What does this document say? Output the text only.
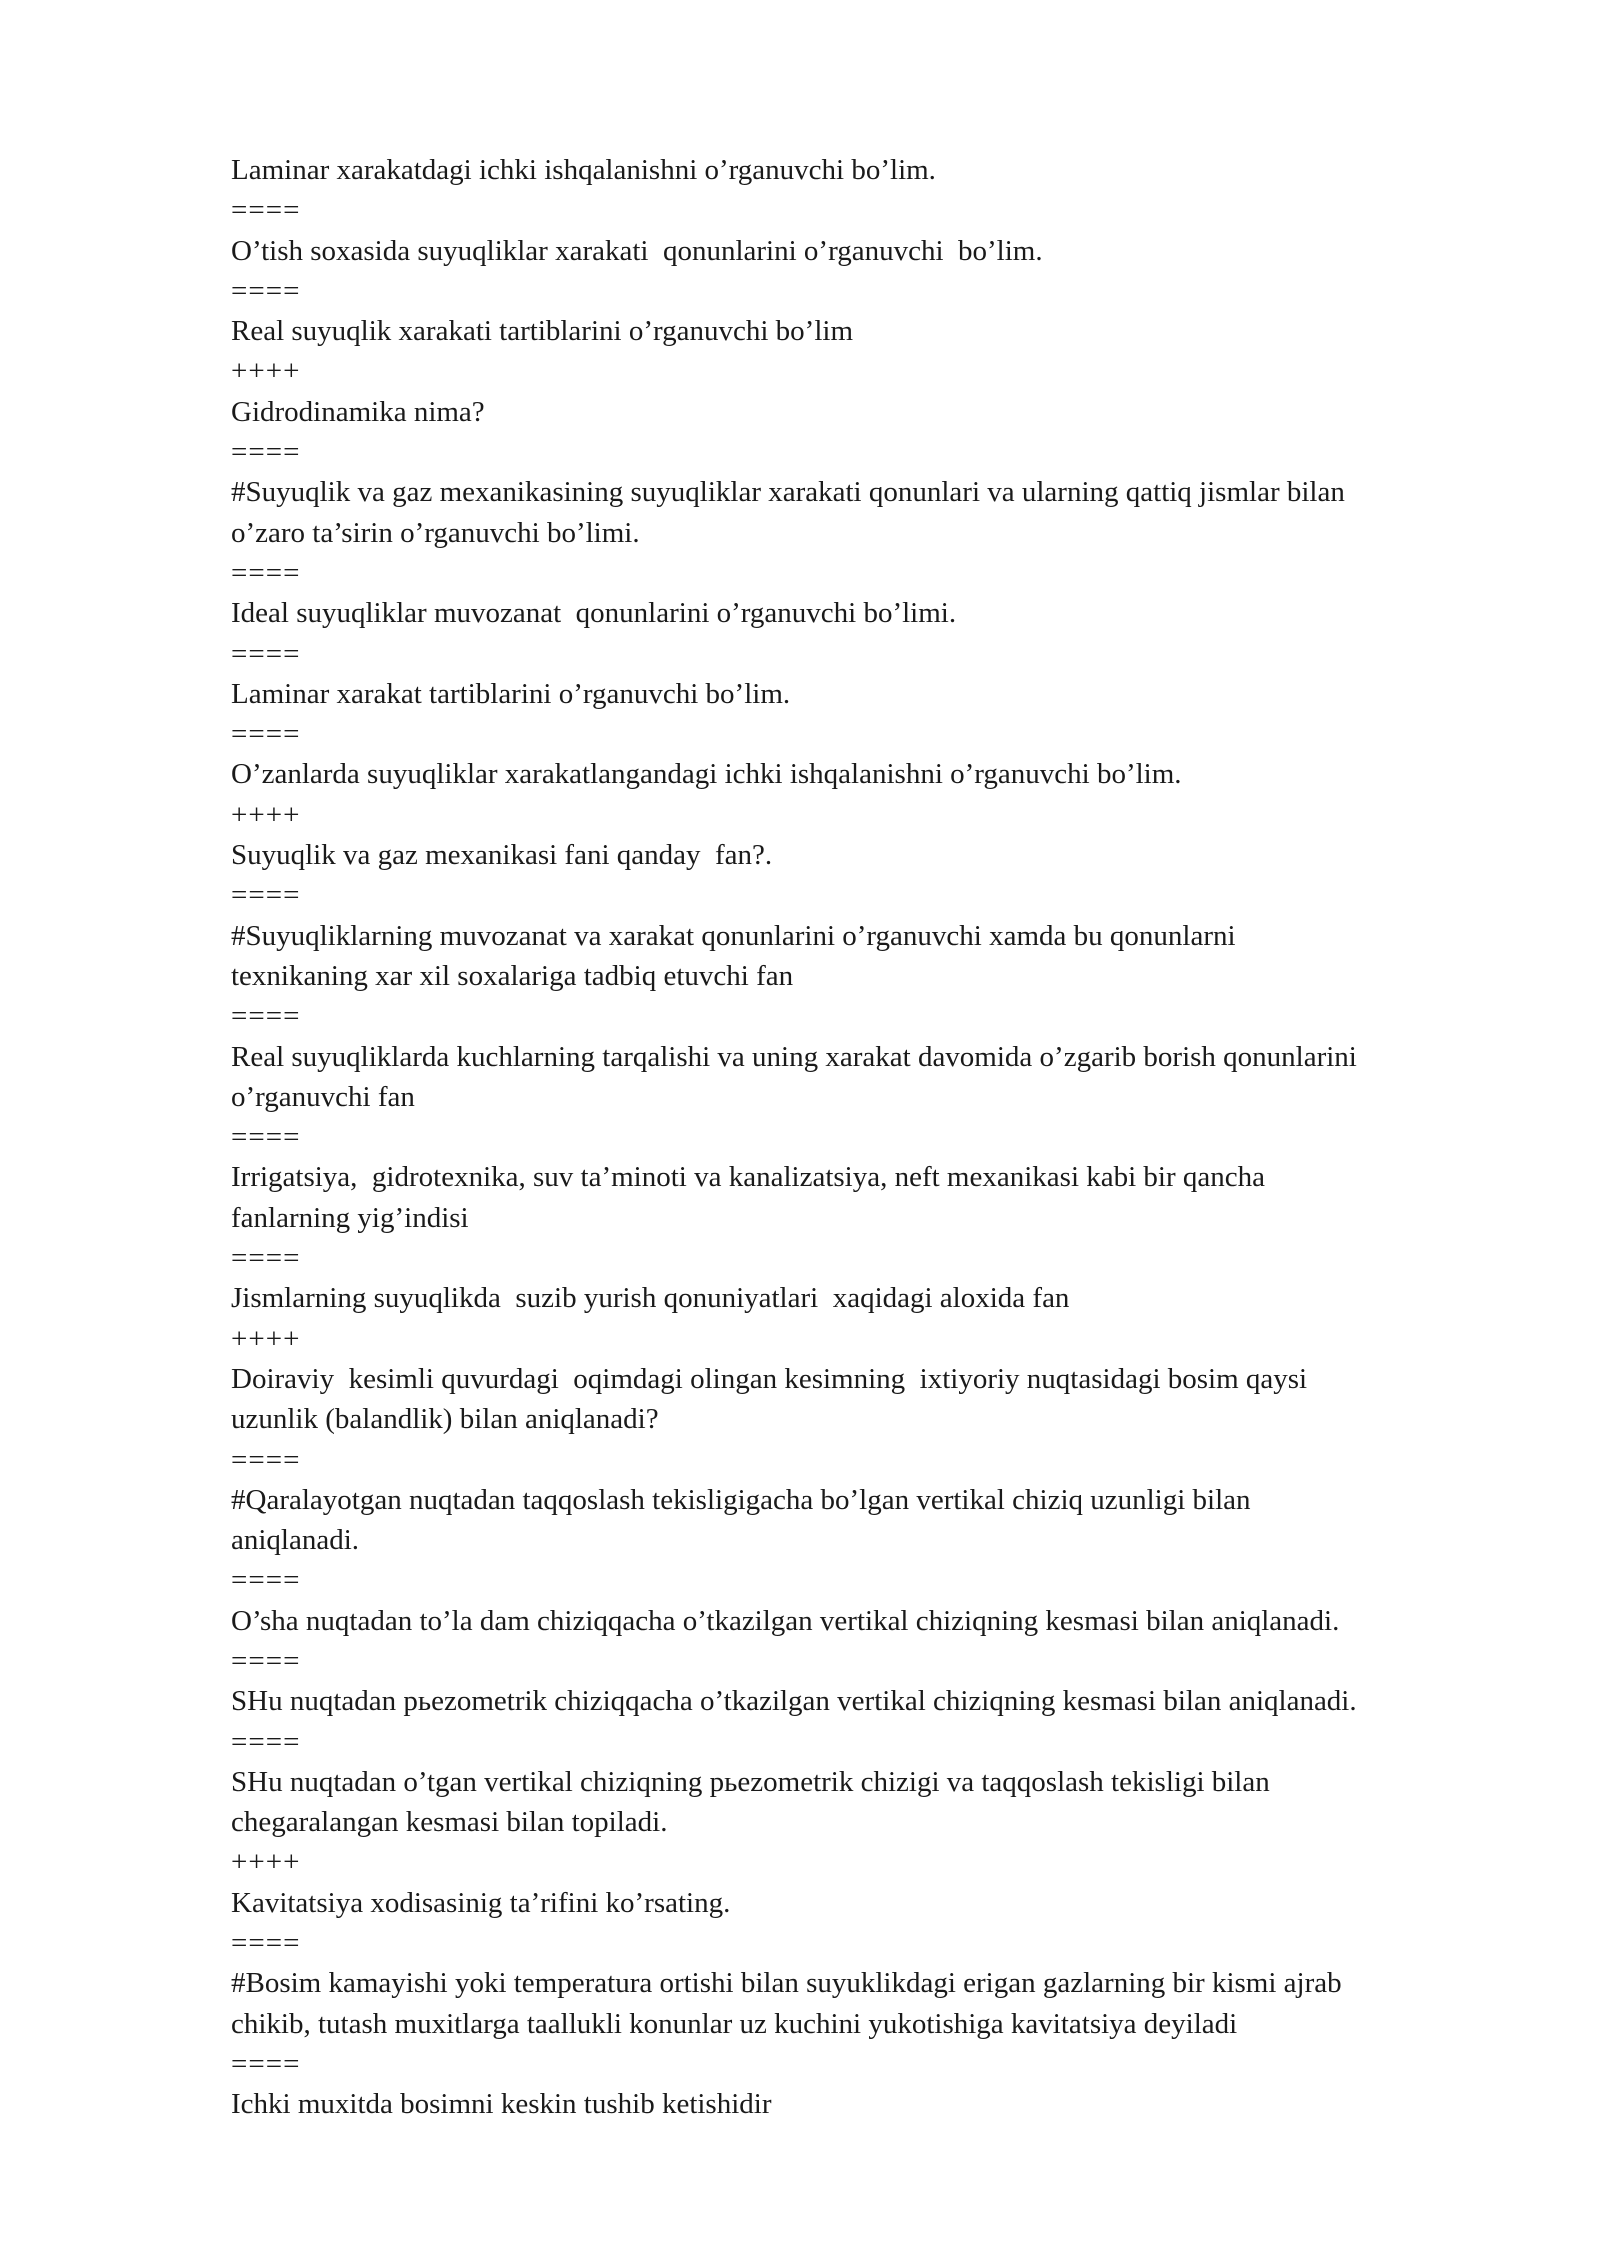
Laminar xarakatdagi ichki ishqalanishni o’rganuvchi bo’lim.

====

O’tish soxasida suyuqliklar xarakati  qonunlarini o’rganuvchi  bo’lim.

====

Real suyuqlik xarakati tartiblarini o’rganuvchi bo’lim

++++

Gidrodinamika nima?

====

#Suyuqlik va gaz mexanikasining suyuqliklar xarakati qonunlari va ularning qattiq jismlar bilan

o’zaro ta’sirin o’rganuvchi bo’limi.

====

Ideal suyuqliklar muvozanat  qonunlarini o’rganuvchi bo’limi.

====

Laminar xarakat tartiblarini o’rganuvchi bo’lim.

====

O’zanlarda suyuqliklar xarakatlangandagi ichki ishqalanishni o’rganuvchi bo’lim.

++++

Suyuqlik va gaz mexanikasi fani qanday  fan?.

====

#Suyuqliklarning muvozanat va xarakat qonunlarini o’rganuvchi xamda bu qonunlarni

texnikaning xar xil soxalariga tadbiq etuvchi fan

====

Real suyuqliklarda kuchlarning tarqalishi va uning xarakat davomida o’zgarib borish qonunlarini

o’rganuvchi fan

====

Irrigatsiya,  gidrotexnika, suv ta’minoti va kanalizatsiya, neft mexanikasi kabi bir qancha

fanlarning yig’indisi

====

Jismlarning suyuqlikda  suzib yurish qonuniyatlari  xaqidagi aloxida fan

++++

Doiraviy  kesimli quvurdagi  oqimdagi olingan kesimning  ixtiyoriy nuqtasidagi bosim qaysi

uzunlik (balandlik) bilan aniqlanadi?

====

#Qaralayotgan nuqtadan taqqoslash tekisligigacha bo’lgan vertikal chiziq uzunligi bilan

aniqlanadi.

====

O’sha nuqtadan to’la dam chiziqqacha o’tkazilgan vertikal chiziqning kesmasi bilan aniqlanadi.

====

SHu nuqtadan pьezometrik chiziqqacha o’tkazilgan vertikal chiziqning kesmasi bilan aniqlanadi.

====

SHu nuqtadan o’tgan vertikal chiziqning pьezometrik chizigi va taqqoslash tekisligi bilan

chegaralangan kesmasi bilan topiladi.

++++

Kavitatsiya xodisasinig ta’rifini ko’rsating.

====

#Bosim kamayishi yoki temperatura ortishi bilan suyuklikdagi erigan gazlarning bir kismi ajrab

chikib, tutash muxitlarga taallukli konunlar uz kuchini yukotishiga kavitatsiya deyiladi

====

Ichki muxitda bosimni keskin tushib ketishidir
